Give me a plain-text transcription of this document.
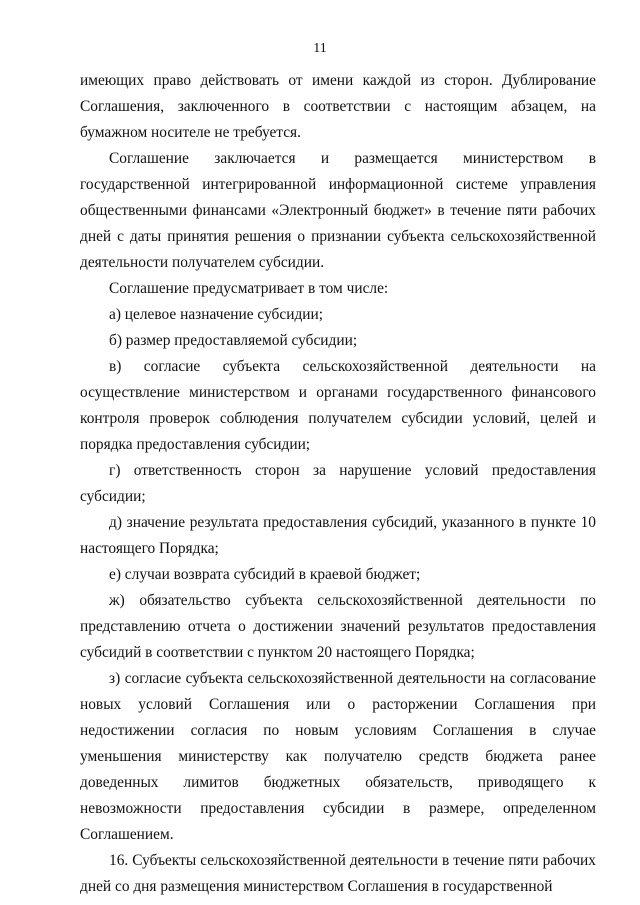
11

имеющих право действовать от имени каждой из сторон. Дублирование Соглашения, заключенного в соответствии с настоящим абзацем, на бумажном носителе не требуется.

Соглашение заключается и размещается министерством в государственной интегрированной информационной системе управления общественными финансами «Электронный бюджет» в течение пяти рабочих дней с даты принятия решения о признании субъекта сельскохозяйственной деятельности получателем субсидии.

Соглашение предусматривает в том числе:

а) целевое назначение субсидии;

б) размер предоставляемой субсидии;

в) согласие субъекта сельскохозяйственной деятельности на осуществление министерством и органами государственного финансового контроля проверок соблюдения получателем субсидии условий, целей и порядка предоставления субсидии;

г) ответственность сторон за нарушение условий предоставления субсидии;

д) значение результата предоставления субсидий, указанного в пункте 10 настоящего Порядка;

е) случаи возврата субсидий в краевой бюджет;

ж) обязательство субъекта сельскохозяйственной деятельности по представлению отчета о достижении значений результатов предоставления субсидий в соответствии с пунктом 20 настоящего Порядка;

з) согласие субъекта сельскохозяйственной деятельности на согласование новых условий Соглашения или о расторжении Соглашения при недостижении согласия по новым условиям Соглашения в случае уменьшения министерству как получателю средств бюджета ранее доведенных лимитов бюджетных обязательств, приводящего к невозможности предоставления субсидии в размере, определенном Соглашением.

16. Субъекты сельскохозяйственной деятельности в течение пяти рабочих дней со дня размещения министерством Соглашения в государственной
